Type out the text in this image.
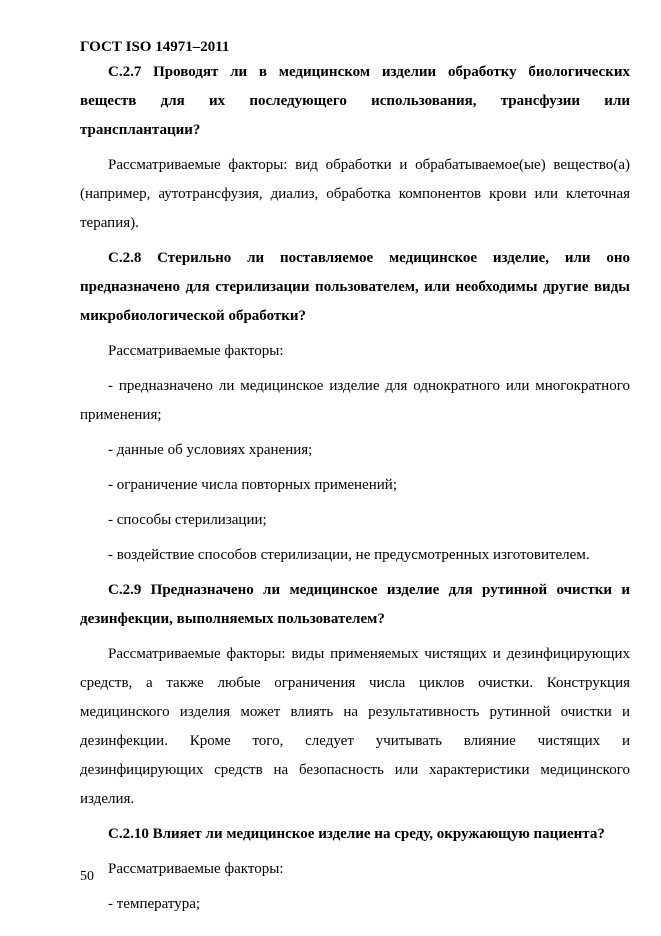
ГОСТ ISO 14971–2011

С.2.7 Проводят ли в медицинском изделии обработку биологических веществ для их последующего использования, трансфузии или трансплантации?

Рассматриваемые факторы: вид обработки и обрабатываемое(ые) вещество(а) (например, аутотрансфузия, диализ, обработка компонентов крови или клеточная терапия).

С.2.8 Стерильно ли поставляемое медицинское изделие, или оно предназначено для стерилизации пользователем, или необходимы другие виды микробиологической обработки?

Рассматриваемые факторы:

- предназначено ли медицинское изделие для однократного или многократного применения;

- данные об условиях хранения;

- ограничение числа повторных применений;

- способы стерилизации;

- воздействие способов стерилизации, не предусмотренных изготовителем.

С.2.9 Предназначено ли медицинское изделие для рутинной очистки и дезинфекции, выполняемых пользователем?

Рассматриваемые факторы: виды применяемых чистящих и дезинфицирующих средств, а также любые ограничения числа циклов очистки. Конструкция медицинского изделия может влиять на результативность рутинной очистки и дезинфекции. Кроме того, следует учитывать влияние чистящих и дезинфицирующих средств на безопасность или характеристики медицинского изделия.

С.2.10 Влияет ли медицинское изделие на среду, окружающую пациента?

Рассматриваемые факторы:

- температура;

50
